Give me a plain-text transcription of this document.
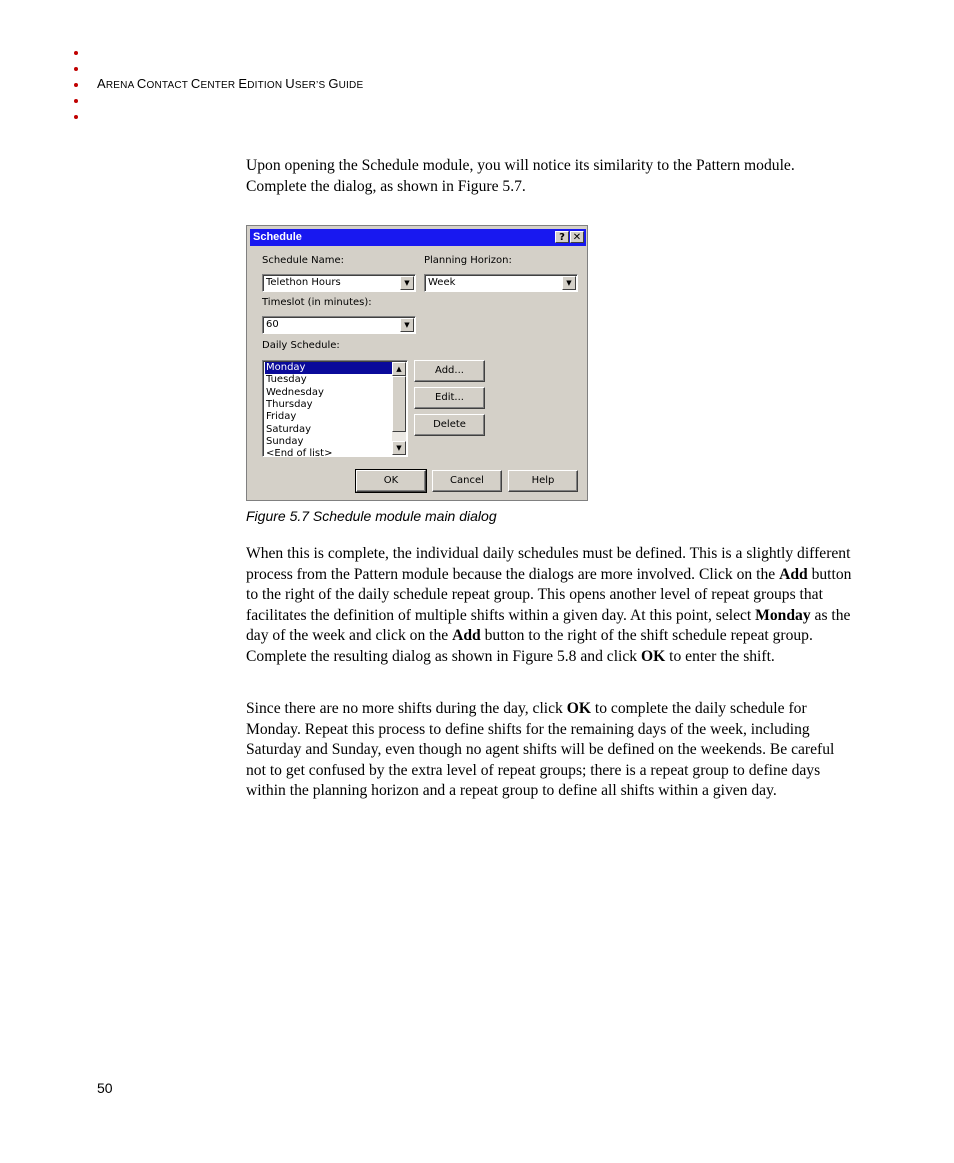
ARENA CONTACT CENTER EDITION USER’S GUIDE

Upon opening the Schedule module, you will notice its similarity to the Pattern module. Complete the dialog, as shown in Figure 5.7.

Schedule	? ✕
Schedule Name:
Telethon Hours	▼
Planning Horizon:
Week	▼
Timeslot (in minutes):
60	▼
Daily Schedule:
Monday
Tuesday
Wednesday
Thursday
Friday
Saturday
Sunday
<End of list>
▲
▼
Add...
Edit...
Delete
OK	Cancel	Help
Figure 5.7 Schedule module main dialog

When this is complete, the individual daily schedules must be defined. This is a slightly different process from the Pattern module because the dialogs are more involved. Click on the Add button to the right of the daily schedule repeat group. This opens another level of repeat groups that facilitates the definition of multiple shifts within a given day. At this point, select Monday as the day of the week and click on the Add button to the right of the shift schedule repeat group. Complete the resulting dialog as shown in Figure 5.8 and click OK to enter the shift.

Since there are no more shifts during the day, click OK to complete the daily schedule for Monday. Repeat this process to define shifts for the remaining days of the week, including Saturday and Sunday, even though no agent shifts will be defined on the weekends. Be careful not to get confused by the extra level of repeat groups; there is a repeat group to define days within the planning horizon and a repeat group to define all shifts within a given day.

50
